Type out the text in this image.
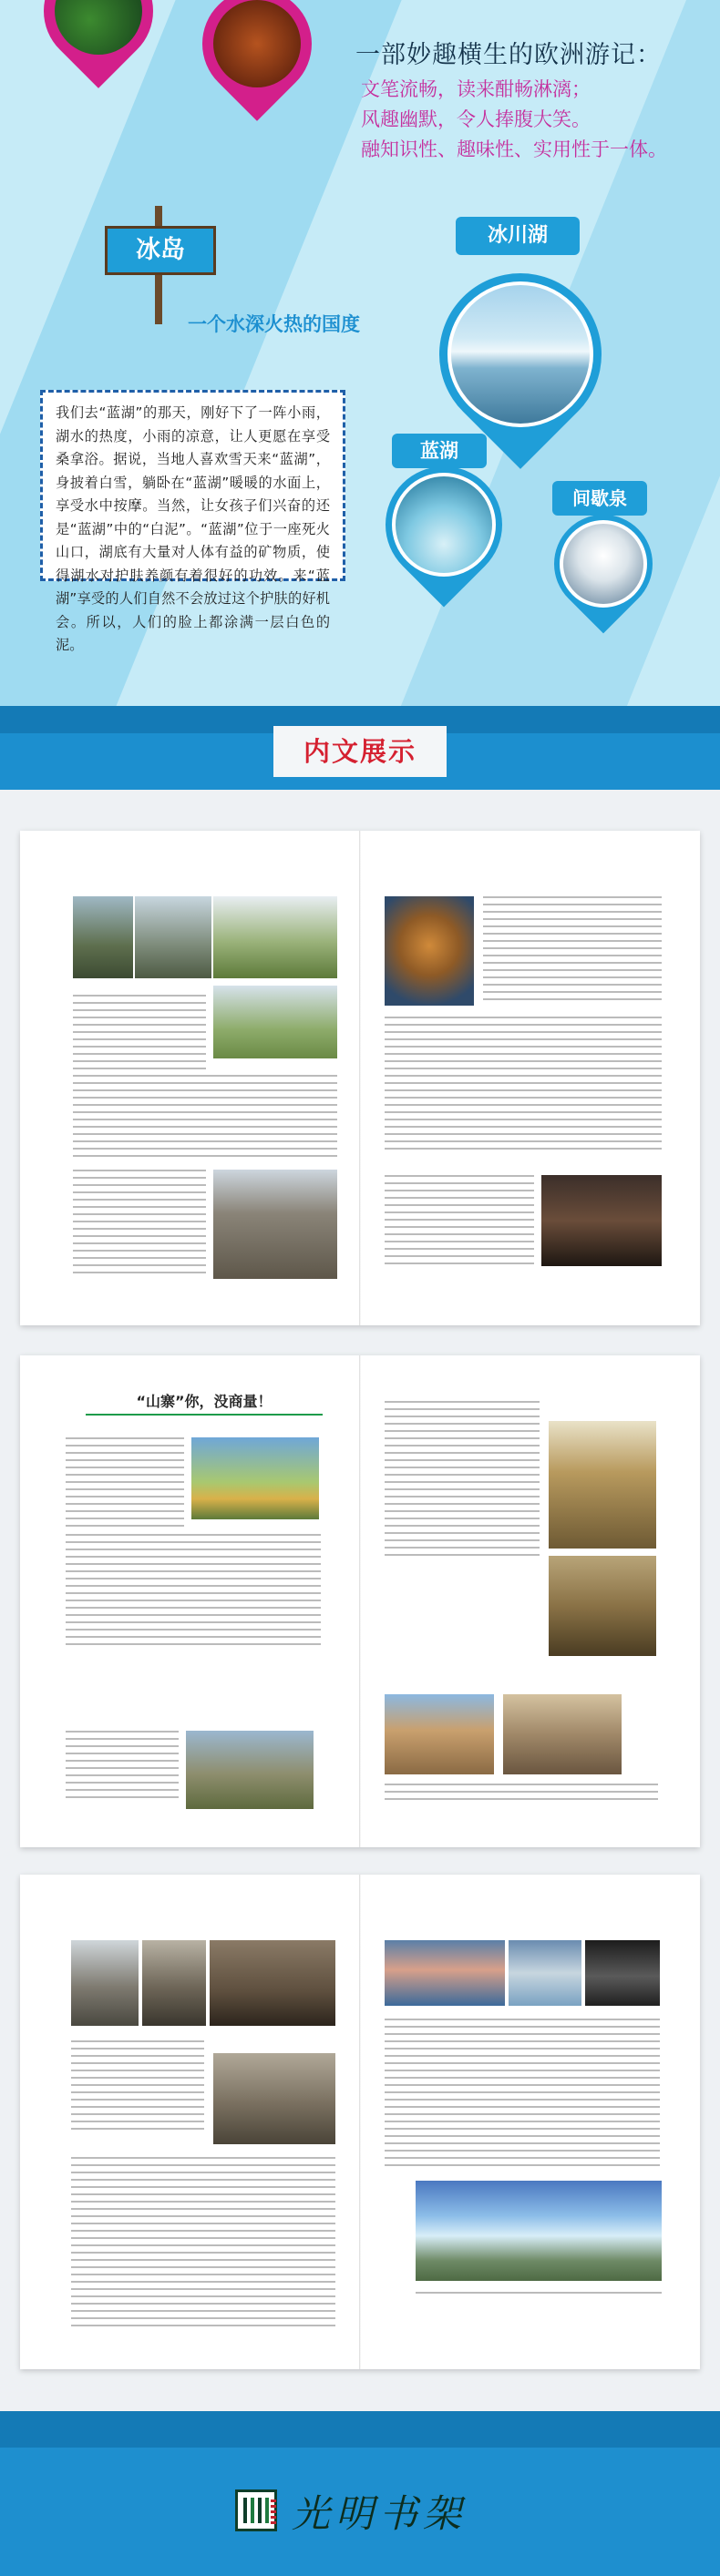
一部妙趣横生的欧洲游记：
文笔流畅，读来酣畅淋漓；
风趣幽默，令人捧腹大笑。
融知识性、趣味性、实用性于一体。
冰岛
一个水深火热的国度

我们去“蓝湖”的那天，刚好下了一阵小雨，湖水的热度，小雨的凉意，让人更愿在享受桑拿浴。据说，当地人喜欢雪天来“蓝湖”，身披着白雪，躺卧在“蓝湖”暖暖的水面上，享受水中按摩。当然，让女孩子们兴奋的还是“蓝湖”中的“白泥”。“蓝湖”位于一座死火山口，湖底有大量对人体有益的矿物质，使得湖水对护肤养颜有着很好的功效。来“蓝湖”享受的人们自然不会放过这个护肤的好机会。所以，人们的脸上都涂满一层白色的泥。

冰川湖
蓝湖
间歇泉
内文展示
“山寨”你，没商量！
光明书架
